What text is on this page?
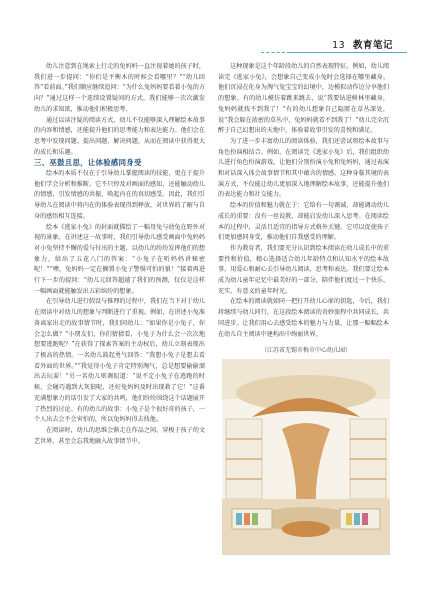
13 教育笔记

幼儿注意到在绳索上行走的兔妈妈一直注视着她的孩子时，我们进一步提问：“你们是平衡木的时候会看哪里？”“幼儿回答“看前面。”我们顺应继续追问：“为什么兔妈妈要看着小兔的方向？”通过这样一个连续设置疑问的方式，我们能够一次次激发幼儿的求知欲，推动他们积极思考。

通过以读注疑的阅读方式，幼儿不仅能够深入理解绘本故事的内容和情感，还能提升他们的思考能力和表达能力。他们会在思考中发现问题、提出问题、解决问题，从而在阅读中获得更大的成长和乐趣。

三、巫鼓且思，让体验感同身受

绘本的本质不仅在于引导幼儿掌握阅读的技能，更在于提升他们学会分析和推断。它不只停及对画面的感知，还能触动幼儿的情感，引发情感的共振，唤起内在的真切感受。因此，我们引导幼儿在阅读中将内在的体验表现得到释放，对世界的了解与自身的感悟相互连接。

绘本《逃家小兔》的封面就描绘了一幅母兔与幼兔在野外对视的景象。在讲述这一故事时，我们引导幼儿感受画面中兔妈妈对小兔坚持不懈的爱与付出的主题，以幼儿的纷纷发挥他们的想象力，给出了五花八门的答案：“小兔子在听妈妈讲秘密呢！”“噢，兔妈妈一定在搁置小兔子警惕可怕的狼！”接着再进行下一步的提问：“幼儿元回答超越了我们的预测，仅仅是这样一幅画面就能触发出五彩缤纷的想象。

在引导幼儿进行假设与推理的过程中，我们在当下对于幼儿在阅读中对幼儿的想象与判断进行了重视。例如，在讲述小兔准备离家出走的故事情节时，我们问幼儿：“如果你是小兔子，你会怎么做？”小朋友们，你们猜猜看，小兔子为什么会一次次地想要逃跑呢？”在获得了探索答案的主动权后，幼儿立刻表现出了极高的热情。一名幼儿鼓起勇气回答：“我想小兔子是想去看看外面的世界。”“我觉得小兔子肯定特别淘气，总是想要偷偷溜出去玩耍！”另一名幼儿则调侃道：“说不定小兔子在逃跑的时候，会碰巧遇到大灰狼呢，还好兔妈妈及时出现救了它！”这番充满想象力的话引发了大家的共鸣，他们纷纷围绕这个话题展开了热烈的讨论。有的幼儿的故事：小兔子是个很好奇的孩子，一个人出去会不会害怕的，所以兔妈妈得去找他。

在阅读时，幼儿的思维会渐走在作品之间，穿梭于孩子的文艺世界，甚至会忘我地融入故事情节中。

这种现象是这个年龄段幼儿的自然表现特征。例如，幼儿阅读完《逃家小兔》，会想象自己变成小兔时会选择在哪里藏身。他们沉浸在化身为淘气兔宝宝的幻境中，边模拟动作边分享他们的想象。有的幼儿模仿着跳来跳去，说“我要钻进树林里藏身，兔妈妈就找不到我了！”有的幼儿想象自己隐匿在草丛深处，说“我会躲在浓密的草丛中，兔妈妈就看不到我了！”幼儿完全沉醉于自己幻想出的天地中，体验着故事引发的喜悦和满足。

为了进一步丰富幼儿的阅读体验，我们还尝试将绘本故事与角色扮演相结合。例如，在阅读完《逃家小兔》后，我们组织幼儿进行角色扮演游戏，让他们分别扮演小兔和兔妈妈，通过表演和对话深入体会故事情节和其中蕴含的情感。这种身临其境的表演方式，不仅能让幼儿更加深入地理解绘本故事，还能提升他们的表达能力和社交能力。

绘本的价值和魅力就在于：它给有一句调诚，却能调动幼儿成长的重要：没有一丝说教，却能启发幼儿深入思考。在阅读绘本的过程中，灵活且适宜的指导方式格外关键。它可以促使孩子们更加感同身受，推动他们自我感受的理解。

作为教育者，我们要充分认识到绘本阅读在幼儿成长中的重要性和价值，精心选择适合幼儿年龄特点和认知水平的绘本故事，用爱心和耐心去引导幼儿阅读，思考和表达。我们要让绘本成为幼儿童年记忆中最美好的一部分，陪伴他们度过一个快乐、充实、有意义的童年时光。

在绘本的阅读就如同一把打开幼儿心扉的钥匙，今后，我们将继续与幼儿同行，在这段绘本阅读的奇妙旅程中共同成长，共同进步。让我们用心去感受绘本的魅力与力量，让那一幅幅绘本在幼儿自主阅读中建构出中绚丽世界。

（江苏省无锡市梅市中心幼儿园）
